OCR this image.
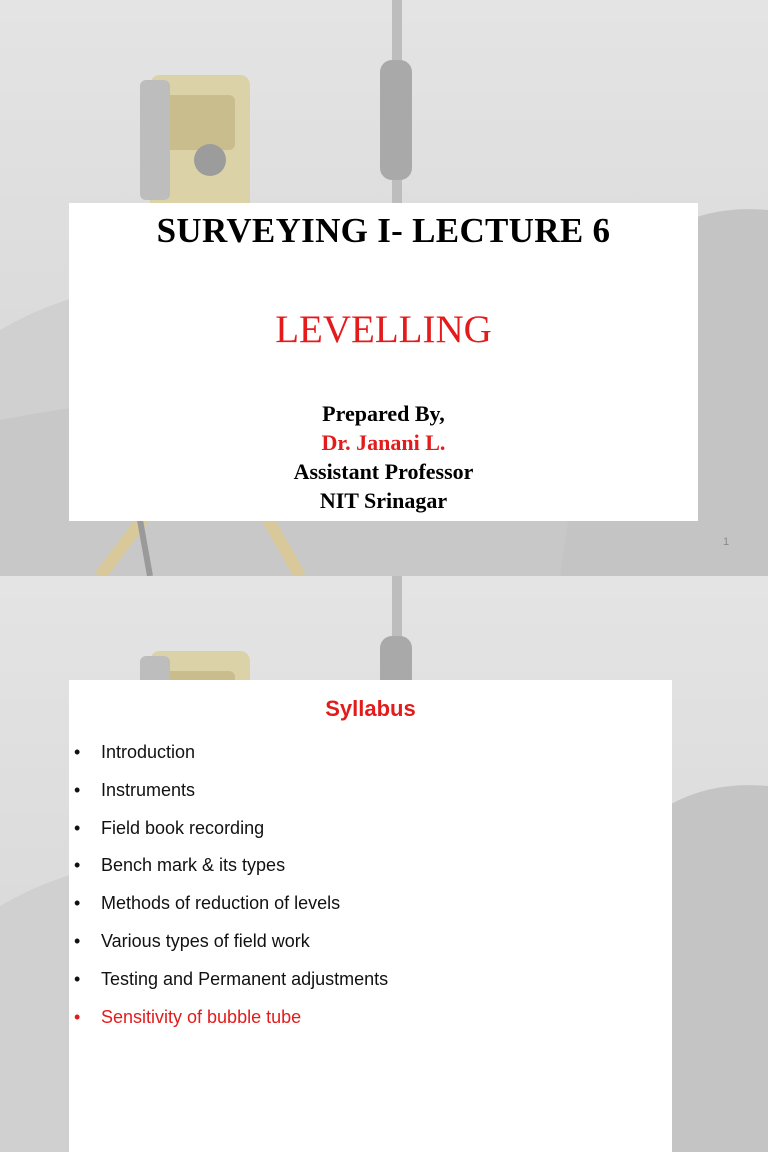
SURVEYING I- LECTURE 6
LEVELLING
Prepared By,
Dr. Janani L.
Assistant Professor
NIT Srinagar
1
Syllabus
• Introduction
• Instruments
• Field book recording
• Bench mark & its types
• Methods of reduction of levels
• Various types of field work
• Testing and Permanent adjustments
• Sensitivity of bubble tube
